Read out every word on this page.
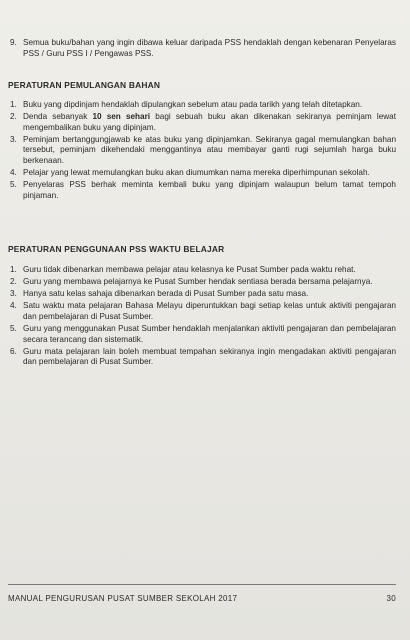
9. Semua buku/bahan yang ingin dibawa keluar daripada PSS hendaklah dengan kebenaran Penyelaras PSS / Guru PSS I / Pengawas PSS.
PERATURAN PEMULANGAN BAHAN
1. Buku yang dipdinjam hendaklah dipulangkan sebelum atau pada tarikh yang telah ditetapkan.
2. Denda sebanyak 10 sen sehari bagi sebuah buku akan dikenakan sekiranya peminjam lewat mengembalikan buku yang dipinjam.
3. Peminjam bertanggungjawab ke atas buku yang dipinjamkan. Sekiranya gagal memulangkan bahan tersebut, peminjam dikehendaki menggantinya atau membayar ganti rugi sejumlah harga buku berkenaan.
4. Pelajar yang lewat memulangkan buku akan diumumkan nama mereka diperhimpunan sekolah.
5. Penyelaras PSS berhak meminta kembali buku yang dipinjam walaupun belum tamat tempoh pinjaman.
PERATURAN PENGGUNAAN PSS WAKTU BELAJAR
1. Guru tidak dibenarkan membawa pelajar atau kelasnya ke Pusat Sumber pada waktu rehat.
2. Guru yang membawa pelajarnya ke Pusat Sumber hendak sentiasa berada bersama pelajarnya.
3. Hanya satu kelas sahaja dibenarkan berada di Pusat Sumber pada satu masa.
4. Satu waktu mata pelajaran Bahasa Melayu diperuntukkan bagi setiap kelas untuk aktiviti pengajaran dan pembelajaran di Pusat Sumber.
5. Guru yang menggunakan Pusat Sumber hendaklah menjalankan aktiviti pengajaran dan pembelajaran secara terancang dan sistematik.
6. Guru mata pelajaran lain boleh membuat tempahan sekiranya ingin mengadakan aktiviti pengajaran dan pembelajaran di Pusat Sumber.
MANUAL PENGURUSAN PUSAT SUMBER SEKOLAH 2017	30
